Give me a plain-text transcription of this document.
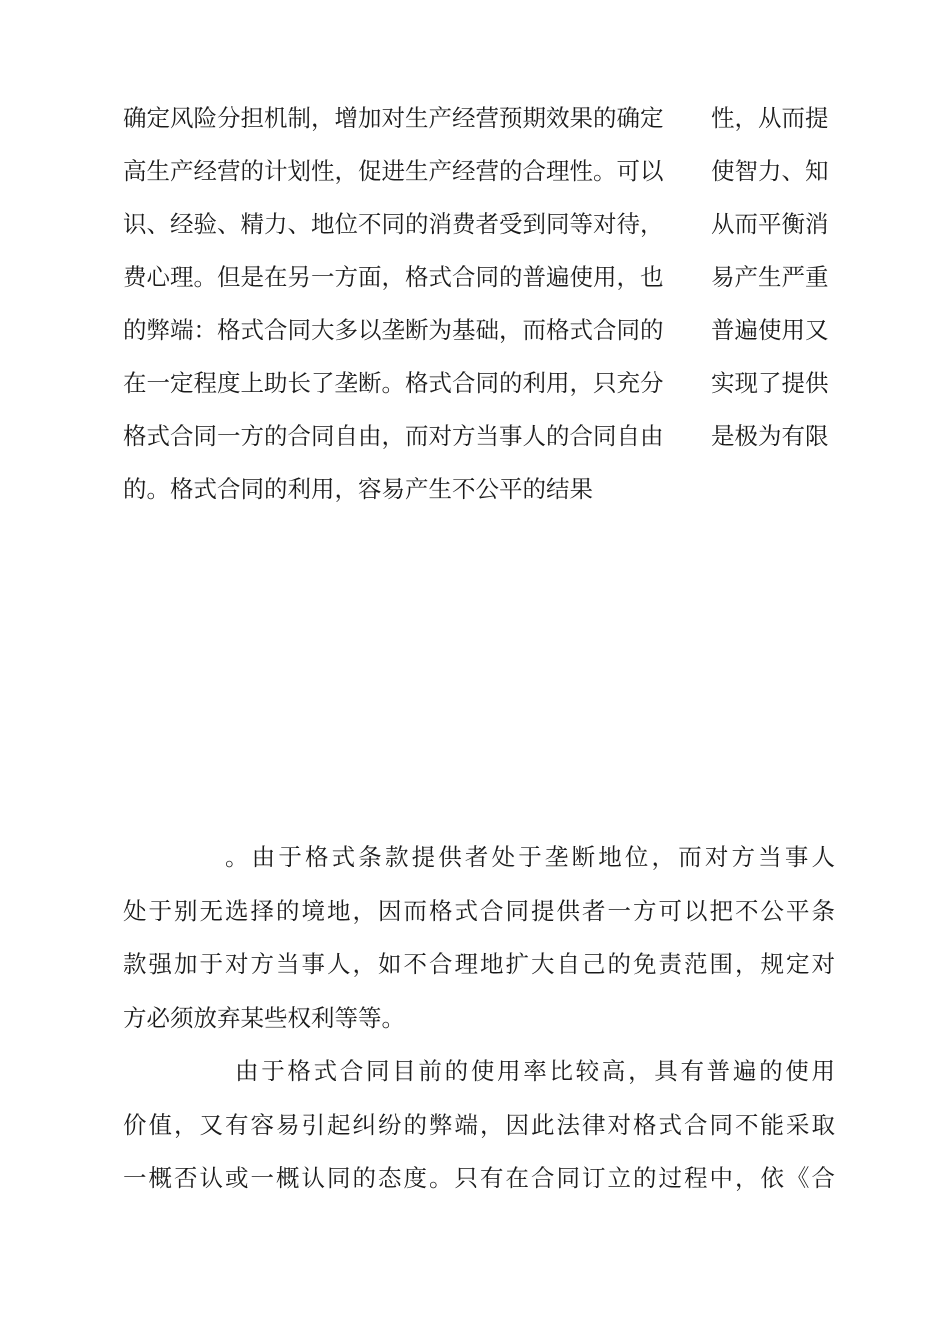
确定风险分担机制，增加对生产经营预期效果的确定 性，从而提
高生产经营的计划性，促进生产经营的合理性。可以 使智力、知
识、经验、精力、地位不同的消费者受到同等对待， 从而平衡消
费心理。但是在另一方面，格式合同的普遍使用，也 易产生严重
的弊端：格式合同大多以垄断为基础，而格式合同的 普遍使用又
在一定程度上助长了垄断。格式合同的利用，只充分 实现了提供
格式合同一方的合同自由，而对方当事人的合同自由 是极为有限
的。格式合同的利用，容易产生不公平的结果
。由于格式条款提供者处于垄断地位，而对方当事人
处于别无选择的境地，因而格式合同提供者一方可以把不公平条
款强加于对方当事人，如不合理地扩大自己的免责范围，规定对
方必须放弃某些权利等等。
由于格式合同目前的使用率比较高，具有普遍的使用
价值，又有容易引起纠纷的弊端，因此法律对格式合同不能采取
一概否认或一概认同的态度。只有在合同订立的过程中，依《合
